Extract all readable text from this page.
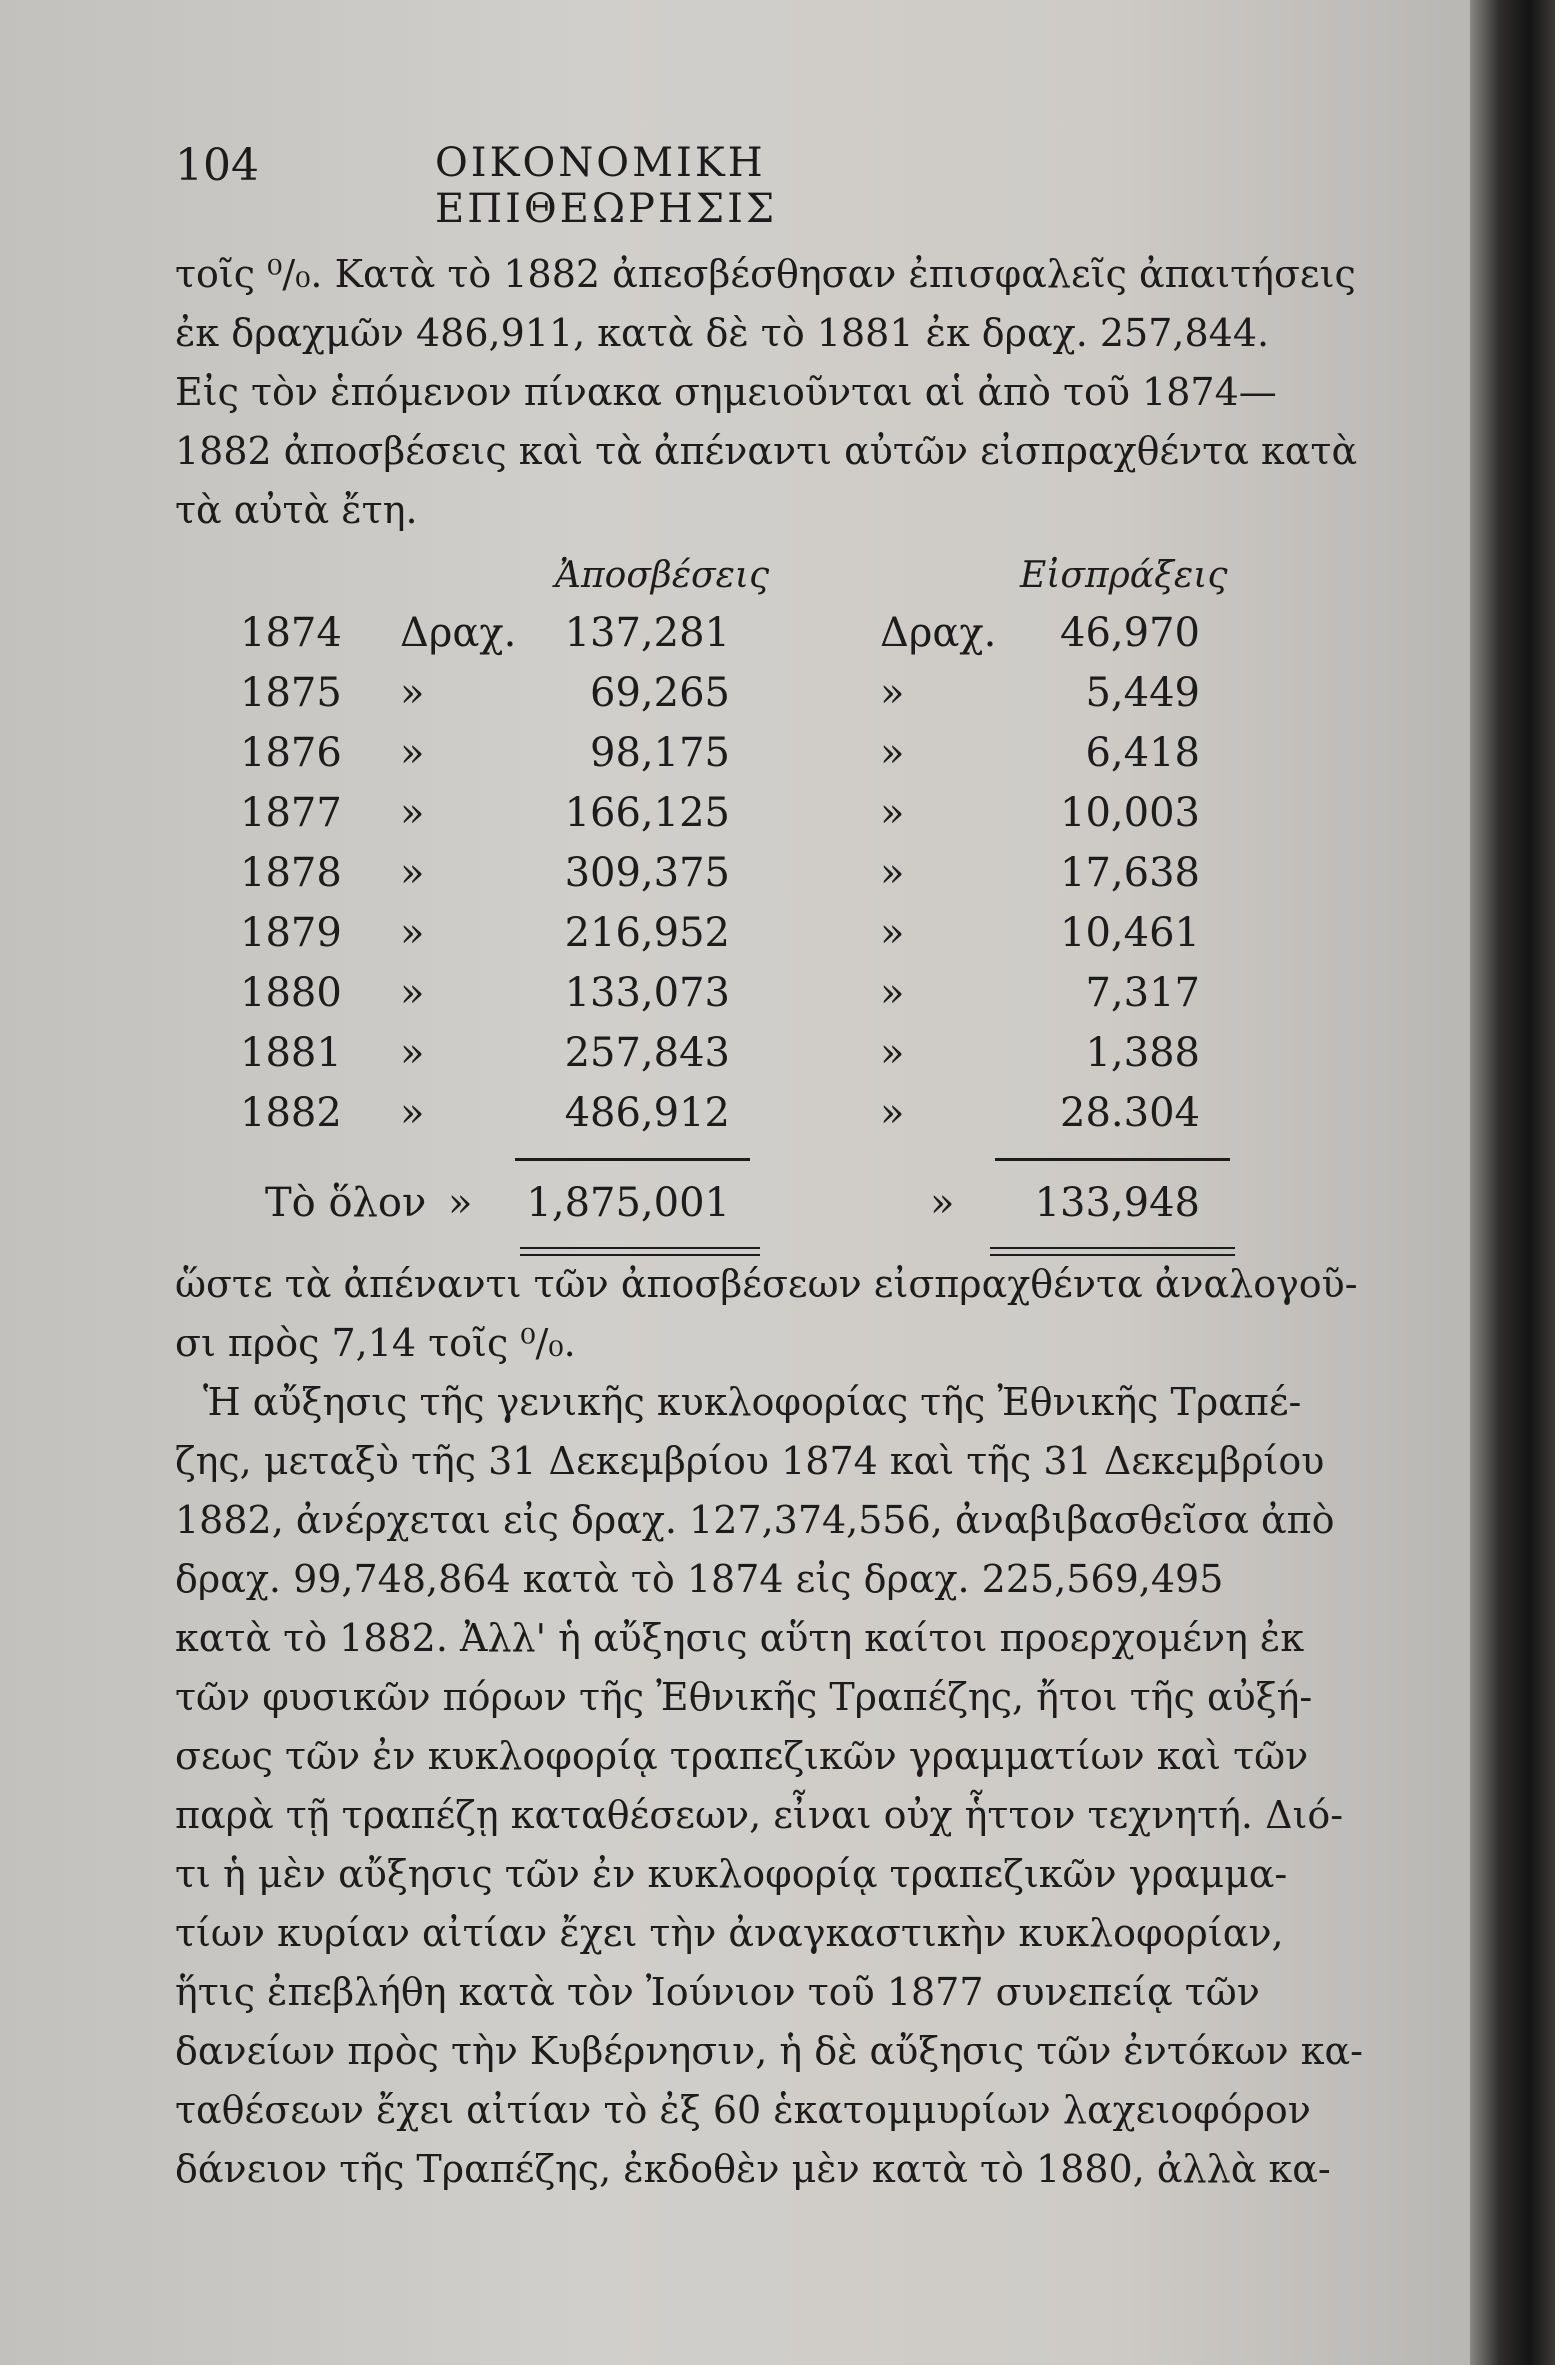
104	ΟΙΚΟΝΟΜΙΚΗ ΕΠΙΘΕΩΡΗΣΙΣ
τοῖς ⁰/₀. Κατὰ τὸ 1882 ἀπεσβέσθησαν ἐπισφαλεῖς ἀπαιτήσεις
ἐκ δραχμῶν 486,911, κατὰ δὲ τὸ 1881 ἐκ δραχ. 257,844.
Εἰς τὸν ἑπόμενον πίνακα σημειοῦνται αἱ ἀπὸ τοῦ 1874—
1882 ἀποσβέσεις καὶ τὰ ἀπέναντι αὐτῶν εἰσπραχθέντα κατὰ
τὰ αὐτὰ ἔτη.
Ἀποσβέσεις	Εἰσπράξεις
1874 Δραχ.	137,281	Δραχ.	46,970
1875 »	69,265	»	5,449
1876 »	98,175	»	6,418
1877 »	166,125	»	10,003
1878 »	309,375	»	17,638
1879 »	216,952	»	10,461
1880 »	133,073	»	7,317
1881 »	257,843	»	1,388
1882 »	486,912	»	28.304
Τὸ ὅλον »	1,875,001	»	133,948
ὥστε τὰ ἀπέναντι τῶν ἀποσβέσεων εἰσπραχθέντα ἀναλογοῦ-
σι πρὸς 7,14 τοῖς ⁰/₀.
Ἡ αὔξησις τῆς γενικῆς κυκλοφορίας τῆς Ἐθνικῆς Τραπέ-
ζης, μεταξὺ τῆς 31 Δεκεμβρίου 1874 καὶ τῆς 31 Δεκεμβρίου
1882, ἀνέρχεται εἰς δραχ. 127,374,556, ἀναβιβασθεῖσα ἀπὸ
δραχ. 99,748,864 κατὰ τὸ 1874 εἰς δραχ. 225,569,495
κατὰ τὸ 1882. Ἀλλ' ἡ αὔξησις αὕτη καίτοι προερχομένη ἐκ
τῶν φυσικῶν πόρων τῆς Ἐθνικῆς Τραπέζης, ἤτοι τῆς αὐξή-
σεως τῶν ἐν κυκλοφορίᾳ τραπεζικῶν γραμματίων καὶ τῶν
παρὰ τῇ τραπέζῃ καταθέσεων, εἶναι οὐχ ἧττον τεχνητή. Διό-
τι ἡ μὲν αὔξησις τῶν ἐν κυκλοφορίᾳ τραπεζικῶν γραμμα-
τίων κυρίαν αἰτίαν ἔχει τὴν ἀναγκαστικὴν κυκλοφορίαν,
ἥτις ἐπεβλήθη κατὰ τὸν Ἰούνιον τοῦ 1877 συνεπείᾳ τῶν
δανείων πρὸς τὴν Κυβέρνησιν, ἡ δὲ αὔξησις τῶν ἐντόκων κα-
ταθέσεων ἔχει αἰτίαν τὸ ἐξ 60 ἑκατομμυρίων λαχειοφόρον
δάνειον τῆς Τραπέζης, ἐκδοθὲν μὲν κατὰ τὸ 1880, ἀλλὰ κα-
